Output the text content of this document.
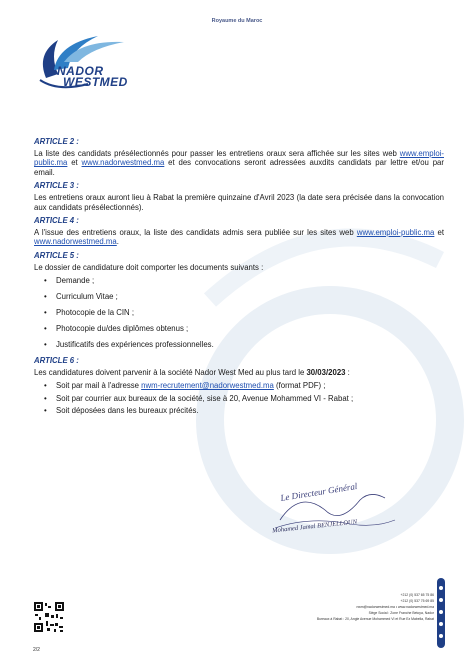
Royaume du Maroc
NADOR
WESTMED
ARTICLE 2 :
La liste des candidats présélectionnés pour passer les entretiens oraux sera affichée sur les sites web www.emploi-public.ma et www.nadorwestmed.ma et des convocations seront adressées auxdits candidats par lettre et/ou par email.
ARTICLE 3 :
Les entretiens oraux auront lieu à Rabat la première quinzaine d'Avril 2023 (la date sera précisée dans la convocation aux candidats présélectionnés).
ARTICLE 4 :
A l'issue des entretiens oraux, la liste des candidats admis sera publiée sur les sites web www.emploi-public.ma et www.nadorwestmed.ma.
ARTICLE 5 :
Le dossier de candidature doit comporter les documents suivants :
• Demande ;
• Curriculum Vitae ;
• Photocopie de la CIN ;
• Photocopie du/des diplômes obtenus ;
• Justificatifs des expériences professionnelles.
ARTICLE 6 :
Les candidatures doivent parvenir à la société Nador West Med au plus tard le 30/03/2023 :
• Soit par mail à l'adresse nwm-recrutement@nadorwestmed.ma (format PDF) ;
• Soit par courrier aux bureaux de la société, sise à 20, Avenue Mohammed VI - Rabat ;
• Soit déposées dans les bureaux précités.
Le Directeur Général
Mohamed Jamal BENJELLOUN
+212 (0) 537 65 75 86
+212 (0) 537 75 69 85
nwm@nadorwestmed.ma • www.nadorwestmed.ma
Siège Social : Zone Franche Betoya, Nador
Bureaux à Rabat : 20, Angle Avenue Mohammed VI et Rue Ez Mabella, Rabat
2/2
